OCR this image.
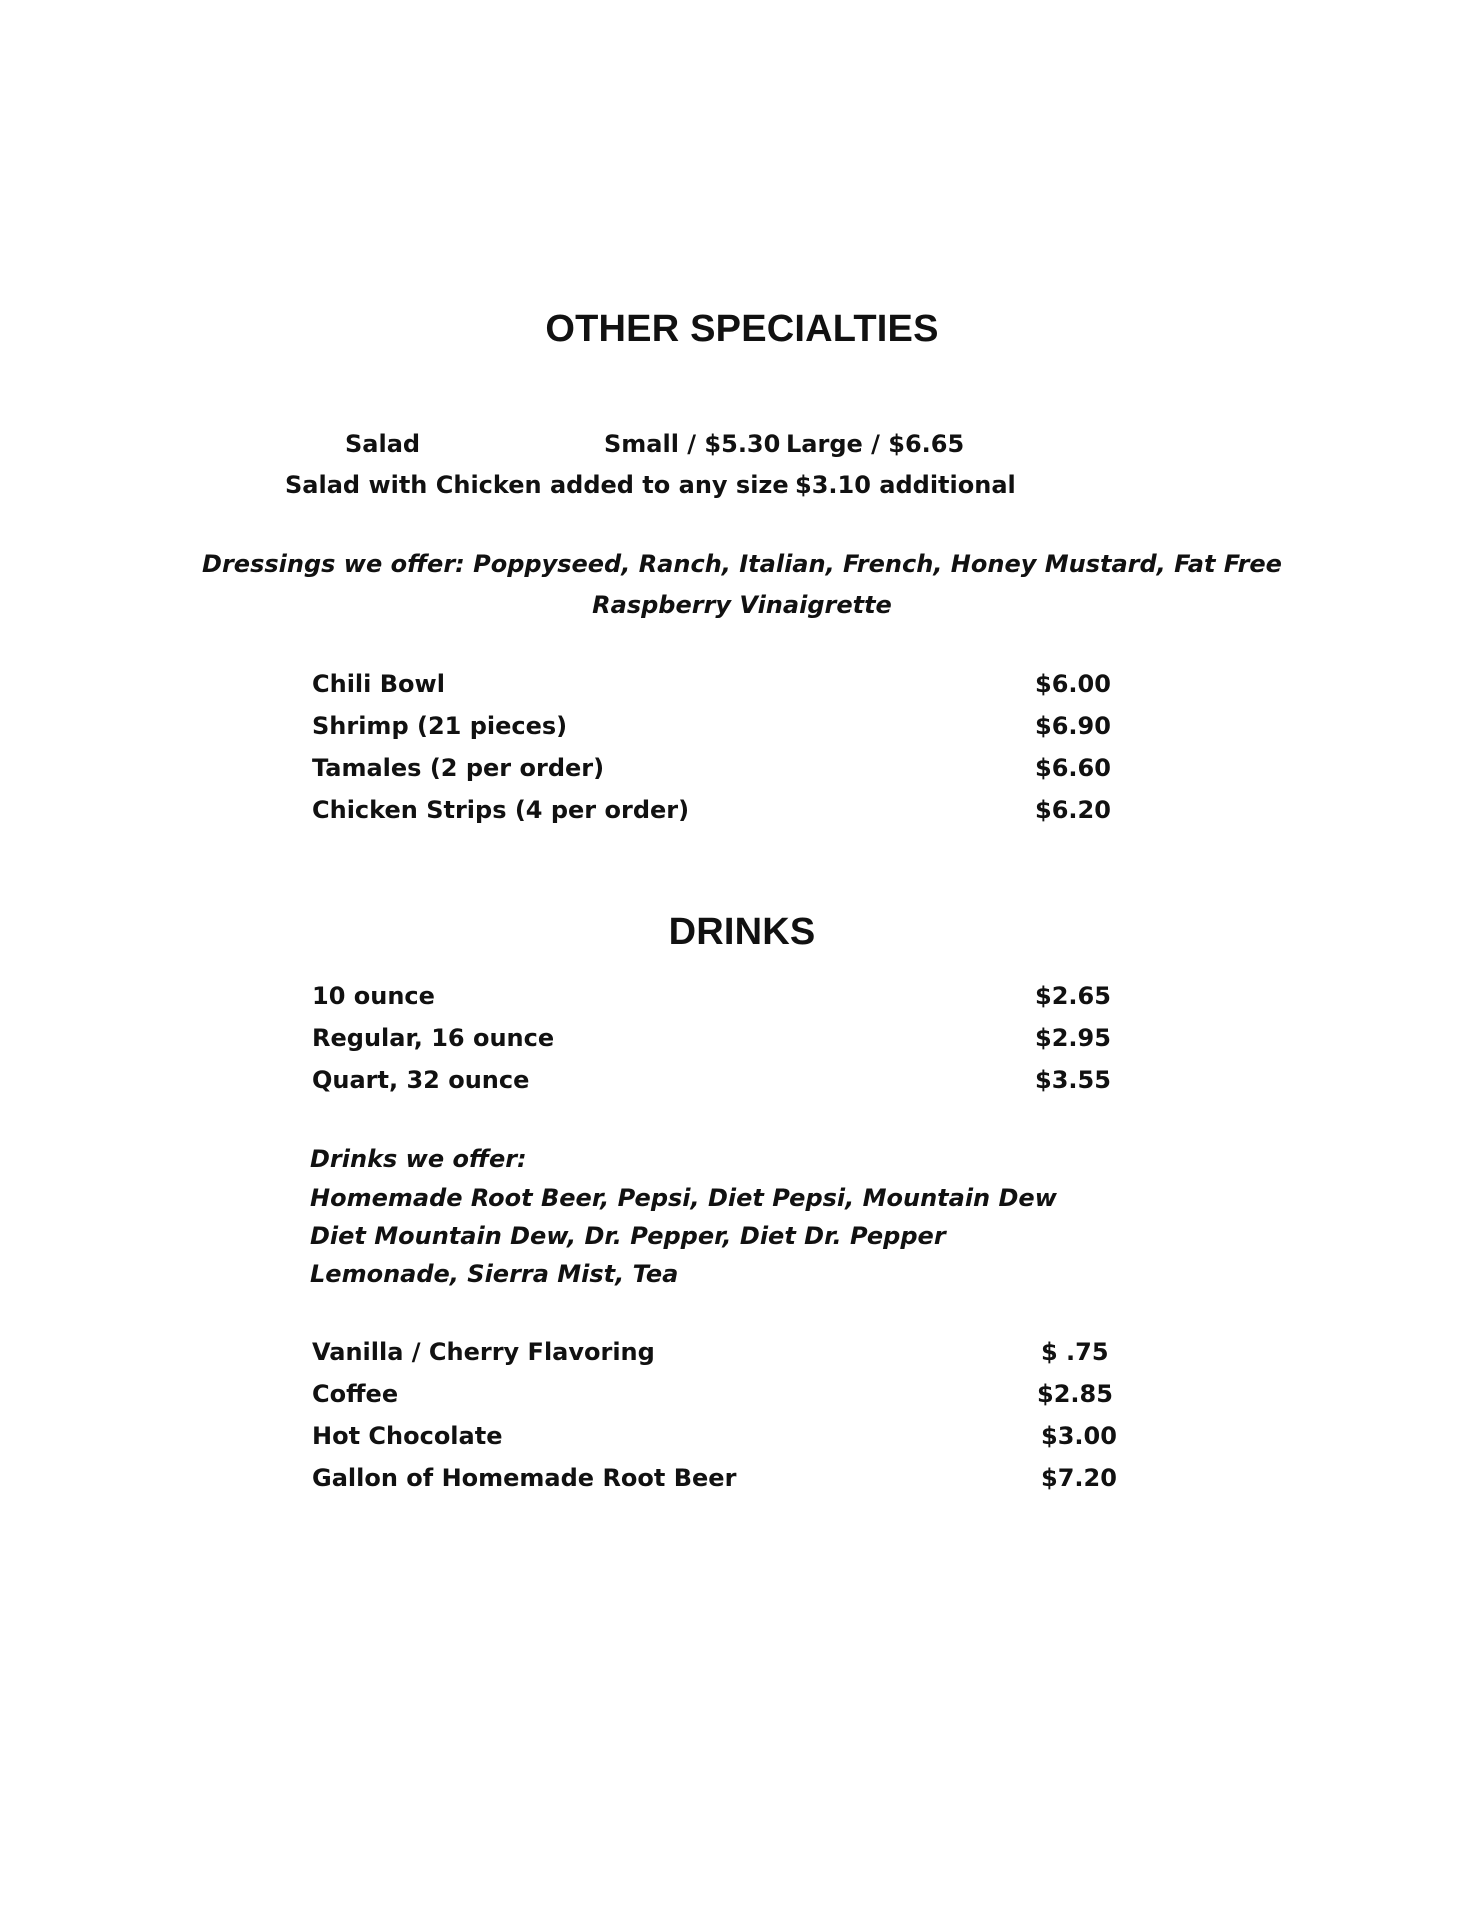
OTHER SPECIALTIES
Salad	Small / $5.30 Large / $6.65
Salad with Chicken added to any size $3.10 additional
Dressings we offer: Poppyseed, Ranch, Italian, French, Honey Mustard, Fat Free
Raspberry Vinaigrette
Chili Bowl	$6.00
Shrimp (21 pieces)	$6.90
Tamales (2 per order)	$6.60
Chicken Strips (4 per order)	$6.20
DRINKS
10 ounce	$2.65
Regular, 16 ounce	$2.95
Quart, 32 ounce	$3.55
Drinks we offer:
Homemade Root Beer, Pepsi, Diet Pepsi, Mountain Dew
Diet Mountain Dew, Dr. Pepper, Diet Dr. Pepper
Lemonade, Sierra Mist, Tea
Vanilla / Cherry Flavoring	$ .75
Coffee	$2.85
Hot Chocolate	$3.00
Gallon of Homemade Root Beer	$7.20
